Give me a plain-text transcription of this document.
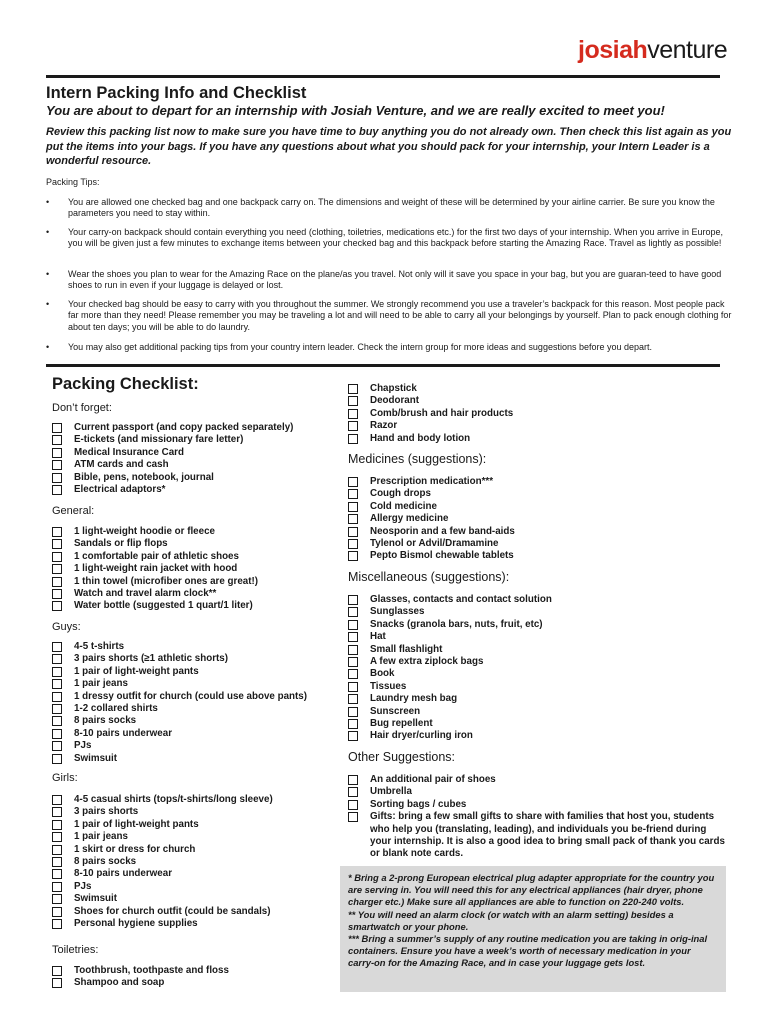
josiahventure
Intern Packing Info and Checklist
You are about to depart for an internship with Josiah Venture, and we are really excited to meet you!
Review this packing list now to make sure you have time to buy anything you do not already own. Then check this list again as you put the items into your bags. If you have any questions about what you should pack for your internship, your Intern Leader is a wonderful resource.
Packing Tips:
• You are allowed one checked bag and one backpack carry on. The dimensions and weight of these will be determined by your airline carrier. Be sure you know the parameters you need to stay within.
• Your carry-on backpack should contain everything you need (clothing, toiletries, medications etc.) for the first two days of your internship. When you arrive in Europe, you will be given just a few minutes to exchange items between your checked bag and this backpack before starting the Amazing Race. Travel as lightly as possible!
• Wear the shoes you plan to wear for the Amazing Race on the plane/as you travel. Not only will it save you space in your bag, but you are guaran-teed to have good shoes to run in even if your luggage is delayed or lost.
• Your checked bag should be easy to carry with you throughout the summer. We strongly recommend you use a traveler’s backpack for this reason. Most people pack far more than they need! Please remember you may be traveling a lot and will need to be able to carry all your belongings by yourself. Plan to pack enough clothing for about ten days; you will be able to do laundry.
• You may also get additional packing tips from your country intern leader. Check the intern group for more ideas and suggestions before you depart.
Packing Checklist:
Don’t forget:
Current passport (and copy packed separately)
E-tickets (and missionary fare letter)
Medical Insurance Card
ATM cards and cash
Bible, pens, notebook, journal
Electrical adaptors*
General:
1 light-weight hoodie or fleece
Sandals or flip flops
1 comfortable pair of athletic shoes
1 light-weight rain jacket with hood
1 thin towel (microfiber ones are great!)
Watch and travel alarm clock**
Water bottle (suggested 1 quart/1 liter)
Guys:
4-5 t-shirts
3 pairs shorts (≥1 athletic shorts)
1 pair of light-weight pants
1 pair jeans
1 dressy outfit for church (could use above pants)
1-2 collared shirts
8 pairs socks
8-10 pairs underwear
PJs
Swimsuit
Girls:
4-5 casual shirts (tops/t-shirts/long sleeve)
3 pairs shorts
1 pair of light-weight pants
1 pair jeans
1 skirt or dress for church
8 pairs socks
8-10 pairs underwear
PJs
Swimsuit
Shoes for church outfit (could be sandals)
Personal hygiene supplies
Toiletries:
Toothbrush, toothpaste and floss
Shampoo and soap
Chapstick
Deodorant
Comb/brush and hair products
Razor
Hand and body lotion
Medicines (suggestions):
Prescription medication***
Cough drops
Cold medicine
Allergy medicine
Neosporin and a few band-aids
Tylenol or Advil/Dramamine
Pepto Bismol chewable tablets
Miscellaneous (suggestions):
Glasses, contacts and contact solution
Sunglasses
Snacks (granola bars, nuts, fruit, etc)
Hat
Small flashlight
A few extra ziplock bags
Book
Tissues
Laundry mesh bag
Sunscreen
Bug repellent
Hair dryer/curling iron
Other Suggestions:
An additional pair of shoes
Umbrella
Sorting bags / cubes
Gifts: bring a few small gifts to share with families that host you, students who help you (translating, leading), and individuals you be-friend during your internship. It is also a good idea to bring small pack of thank you cards or blank note cards.

* Bring a 2-prong European electrical plug adapter appropriate for the country you are serving in. You will need this for any electrical appliances (hair dryer, phone charger etc.) Make sure all appliances are able to function on 220-240 volts.

** You will need an alarm clock (or watch with an alarm setting) besides a smartwatch or your phone.

*** Bring a summer’s supply of any routine medication you are taking in orig-inal containers. Ensure you have a week’s worth of necessary medication in your carry-on for the Amazing Race, and in case your luggage gets lost.
